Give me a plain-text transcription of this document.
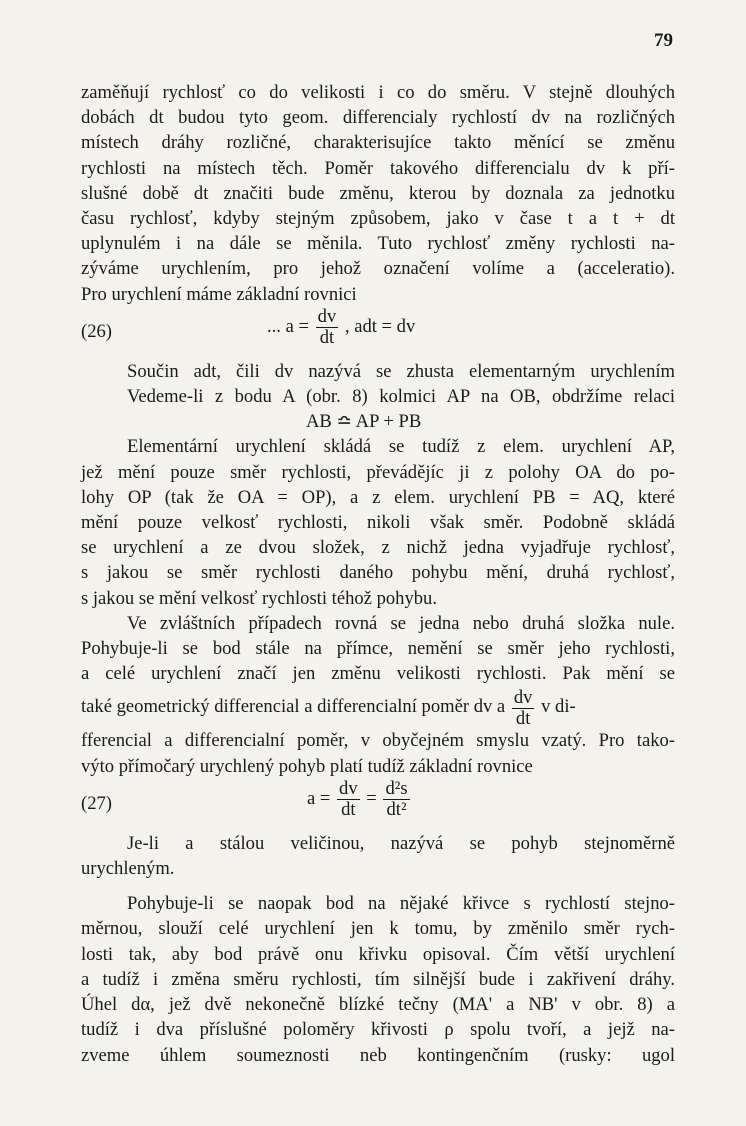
79

zaměňují rychlosť co do velikosti i co do směru. V stejně dlouhých

dobách dt budou tyto geom. differencialy rychlostí dv na rozličných

místech dráhy rozličné, charakterisujíce takto měnící se změnu

rychlosti na místech těch. Poměr takového differencialu dv k pří-

slušné době dt značiti bude změnu, kterou by doznala za jednotku

času rychlosť, kdyby stejným způsobem, jako v čase t a t + dt

uplynulém i na dále se měnila. Tuto rychlosť změny rychlosti na-

zýváme urychlením, pro jehož označení volíme a (acceleratio).

Pro urychlení máme základní rovnici

(26)	... $a = \frac{dv}{dt}$ , adt = dv

Součin adt, čili dv nazývá se zhusta elementarným urychlením

Vedeme-li z bodu A (obr. 8) kolmici AP na OB, obdržíme relaci

AB ≏ AP + PB

Elementární urychlení skládá se tudíž z elem. urychlení AP,

jež mění pouze směr rychlosti, převádějíc ji z polohy OA do po-

lohy OP (tak že OA = OP), a z elem. urychlení PB = AQ, které

mění pouze velkosť rychlosti, nikoli však směr. Podobně skládá

se urychlení a ze dvou složek, z nichž jedna vyjadřuje rychlosť,

s jakou se směr rychlosti daného pohybu mění, druhá rychlosť,

s jakou se mění velkosť rychlosti téhož pohybu.

Ve zvláštních případech rovná se jedna nebo druhá složka nule.

Pohybuje-li se bod stále na přímce, nemění se směr jeho rychlosti,

a celé urychlení značí jen změnu velikosti rychlosti. Pak mění se

také geometrický differencial a differencialní poměr dv a $\frac{dv}{dt}$ v di-

fferencial a differencialní poměr, v obyčejném smyslu vzatý. Pro tako-

výto přímočarý urychlený pohyb platí tudíž základní rovnice

(27)	$a = \frac{dv}{dt} = \frac{\text{d²s}}{\text{dt²}}$

Je-li a stálou veličinou, nazývá se pohyb stejnoměrně

urychleným.

Pohybuje-li se naopak bod na nějaké křivce s rychlostí stejno-

měrnou, slouží celé urychlení jen k tomu, by změnilo směr rych-

losti tak, aby bod právě onu křivku opisoval. Čím větší urychlení

a tudíž i změna směru rychlosti, tím silnější bude i zakřivení dráhy.

Úhel dα, jež dvě nekonečně blízké tečny (MA' a NB' v obr. 8) a

tudíž i dva příslušné poloměry křivosti ρ spolu tvoří, a jejž na-

zveme úhlem soumeznosti neb kontingenčním (rusky: ugol
